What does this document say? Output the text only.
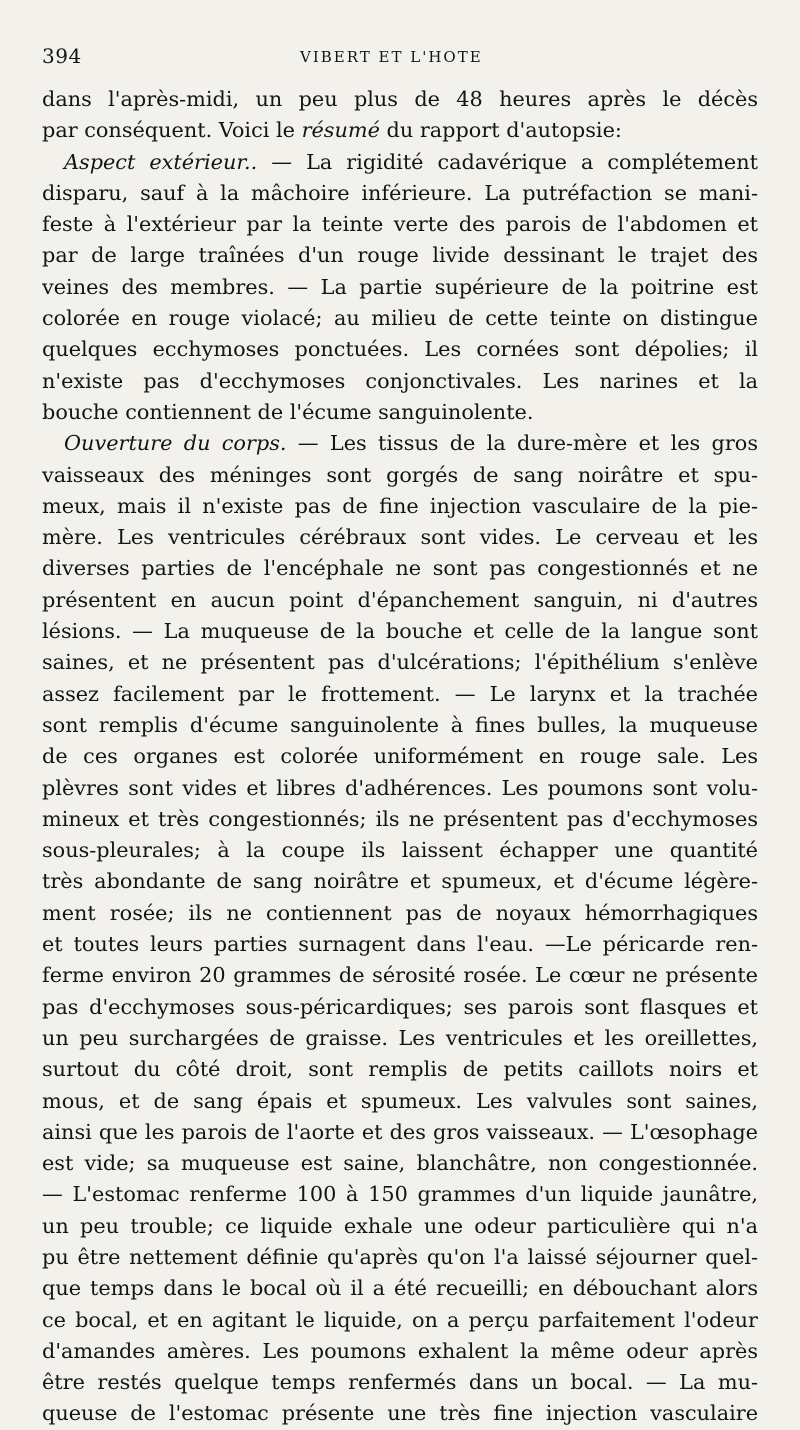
394	VIBERT ET L'HOTE
dans l'après-midi, un peu plus de 48 heures après le décès
par conséquent. Voici le résumé du rapport d'autopsie:
Aspect extérieur.. — La rigidité cadavérique a complétement
disparu, sauf à la mâchoire inférieure. La putréfaction se mani-
feste à l'extérieur par la teinte verte des parois de l'abdomen et
par de large traînées d'un rouge livide dessinant le trajet des
veines des membres. — La partie supérieure de la poitrine est
colorée en rouge violacé; au milieu de cette teinte on distingue
quelques ecchymoses ponctuées. Les cornées sont dépolies; il
n'existe pas d'ecchymoses conjonctivales. Les narines et la
bouche contiennent de l'écume sanguinolente.
Ouverture du corps. — Les tissus de la dure-mère et les gros
vaisseaux des méninges sont gorgés de sang noirâtre et spu-
meux, mais il n'existe pas de fine injection vasculaire de la pie-
mère. Les ventricules cérébraux sont vides. Le cerveau et les
diverses parties de l'encéphale ne sont pas congestionnés et ne
présentent en aucun point d'épanchement sanguin, ni d'autres
lésions. — La muqueuse de la bouche et celle de la langue sont
saines, et ne présentent pas d'ulcérations; l'épithélium s'enlève
assez facilement par le frottement. — Le larynx et la trachée
sont remplis d'écume sanguinolente à fines bulles, la muqueuse
de ces organes est colorée uniformément en rouge sale. Les
plèvres sont vides et libres d'adhérences. Les poumons sont volu-
mineux et très congestionnés; ils ne présentent pas d'ecchymoses
sous-pleurales; à la coupe ils laissent échapper une quantité
très abondante de sang noirâtre et spumeux, et d'écume légère-
ment rosée; ils ne contiennent pas de noyaux hémorrhagiques
et toutes leurs parties surnagent dans l'eau. —Le péricarde ren-
ferme environ 20 grammes de sérosité rosée. Le cœur ne présente
pas d'ecchymoses sous-péricardiques; ses parois sont flasques et
un peu surchargées de graisse. Les ventricules et les oreillettes,
surtout du côté droit, sont remplis de petits caillots noirs et
mous, et de sang épais et spumeux. Les valvules sont saines,
ainsi que les parois de l'aorte et des gros vaisseaux. — L'œsophage
est vide; sa muqueuse est saine, blanchâtre, non congestionnée.
— L'estomac renferme 100 à 150 grammes d'un liquide jaunâtre,
un peu trouble; ce liquide exhale une odeur particulière qui n'a
pu être nettement définie qu'après qu'on l'a laissé séjourner quel-
que temps dans le bocal où il a été recueilli; en débouchant alors
ce bocal, et en agitant le liquide, on a perçu parfaitement l'odeur
d'amandes amères. Les poumons exhalent la même odeur après
être restés quelque temps renfermés dans un bocal. — La mu-
queuse de l'estomac présente une très fine injection vasculaire
